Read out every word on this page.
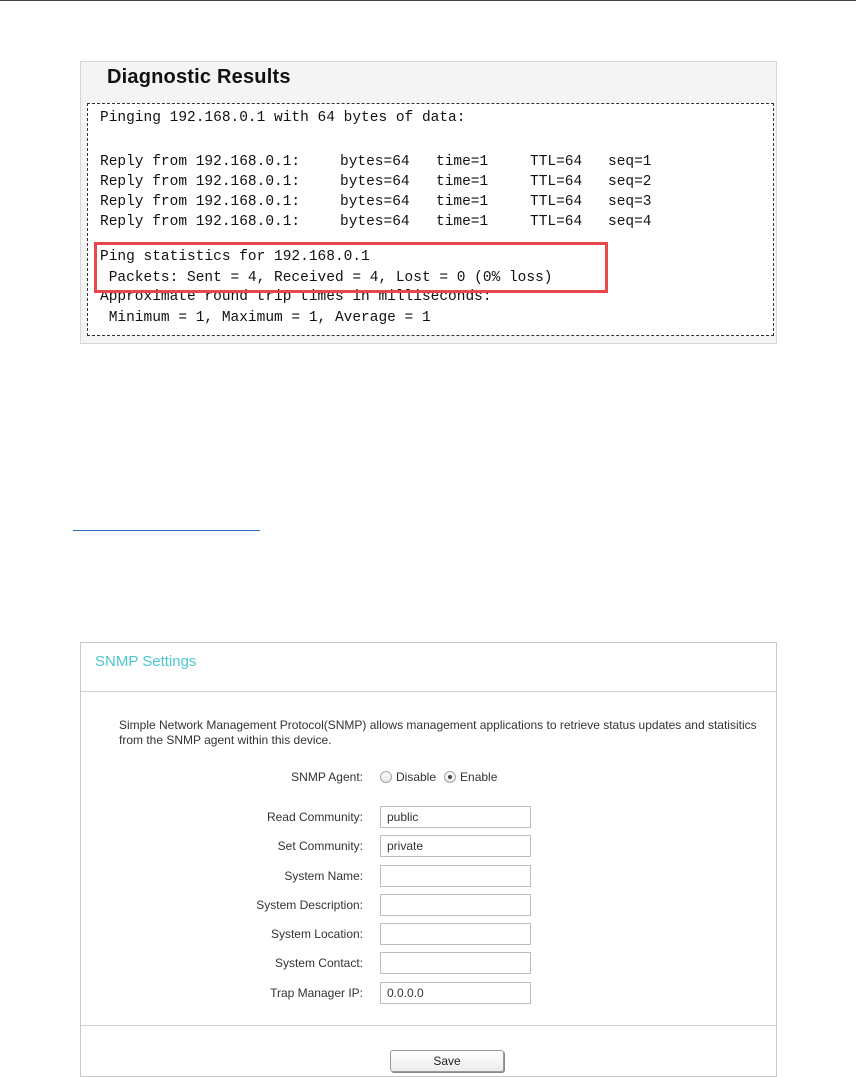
Diagnostic Results
Pinging 192.168.0.1 with 64 bytes of data:
Reply from 192.168.0.1:	bytes=64 time=1	TTL=64 seq=1
Reply from 192.168.0.1:	bytes=64 time=1	TTL=64 seq=2
Reply from 192.168.0.1:	bytes=64 time=1	TTL=64 seq=3
Reply from 192.168.0.1:	bytes=64 time=1	TTL=64 seq=4
Ping statistics for 192.168.0.1
Packets: Sent = 4, Received = 4, Lost = 0 (0% loss)
Approximate round trip times in milliseconds:
Minimum = 1, Maximum = 1, Average = 1
SNMP Settings
Simple Network Management Protocol(SNMP) allows management applications to retrieve status updates and statisitics from the SNMP agent within this device.
SNMP Agent:	Disable Enable
Read Community:
public
Set Community:
private
System Name:
System Description:
System Location:
System Contact:
Trap Manager IP:
0.0.0.0
Save
